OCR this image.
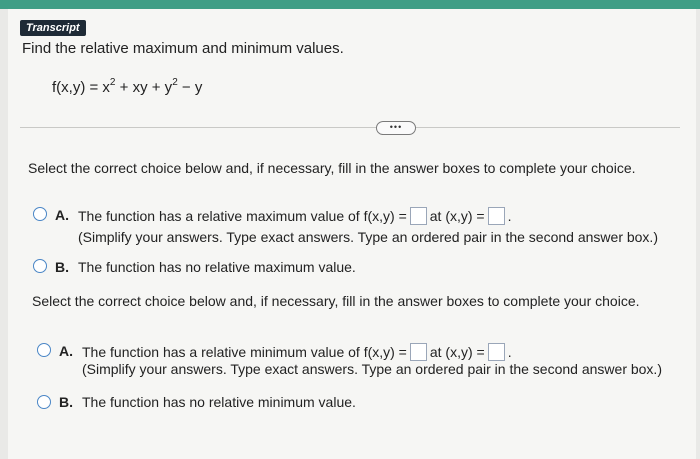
Transcript
Find the relative maximum and minimum values.
$f(x,y) = x^2$ + xy + $y^2 - y$
•••
Select the correct choice below and, if necessary, fill in the answer boxes to complete your choice.
A. The function has a relative maximum value of f(x,y) = at (x,y) = .
(Simplify your answers. Type exact answers. Type an ordered pair in the second answer box.)
B. The function has no relative maximum value.
Select the correct choice below and, if necessary, fill in the answer boxes to complete your choice.
A. The function has a relative minimum value of f(x,y) = at (x,y) = .
(Simplify your answers. Type exact answers. Type an ordered pair in the second answer box.)
B. The function has no relative minimum value.
